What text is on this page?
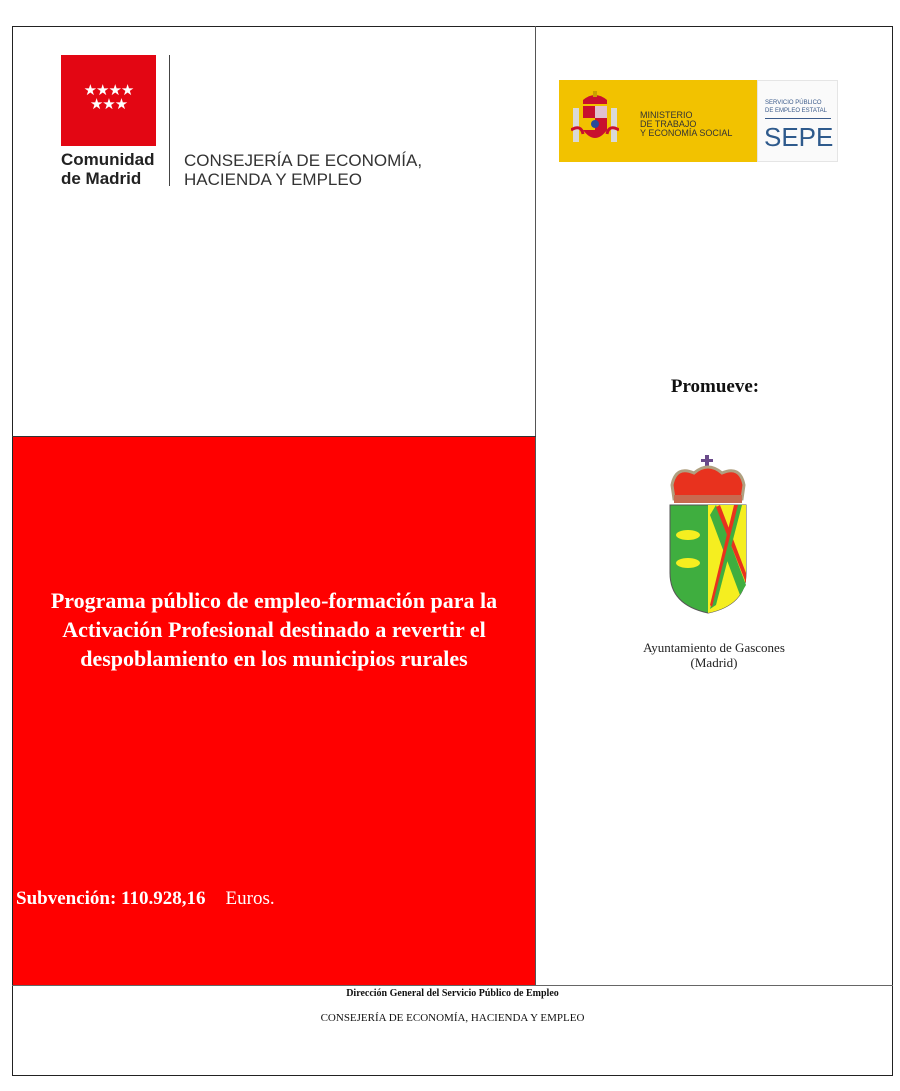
★★★★
★★★
Comunidad
de Madrid
CONSEJERÍA DE ECONOMÍA,
HACIENDA Y EMPLEO
MINISTERIO
DE TRABAJO
Y ECONOMÍA SOCIAL
SERVICIO PÚBLICO
DE EMPLEO ESTATAL
SEPE
Promueve:
Ayuntamiento de Gascones
(Madrid)
Programa público de empleo-formación para la
Activación Profesional destinado a revertir el
despoblamiento en los municipios rurales
Subvención: 110.928,16 Euros.
Dirección General del Servicio Público de Empleo
CONSEJERÍA DE ECONOMÍA, HACIENDA Y EMPLEO
